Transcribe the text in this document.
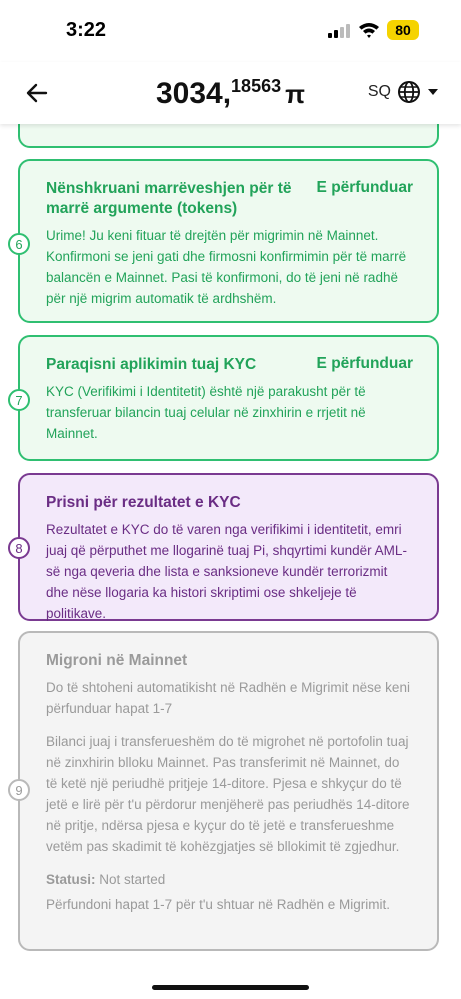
3:22	80
3034,18563 π	SQ
6
Nënshkruani marrëveshjen për të marrë argumente (tokens)
E përfunduar
Urime! Ju keni fituar të drejtën për migrimin në Mainnet. Konfirmoni se jeni gati dhe firmosni konfirmimin për të marrë balancën e Mainnet. Pasi të konfirmoni, do të jeni në radhë për një migrim automatik të ardhshëm.
7
Paraqisni aplikimin tuaj KYC	E përfunduar
KYC (Verifikimi i Identitetit) është një parakusht për të transferuar bilancin tuaj celular në zinxhirin e rrjetit në Mainnet.
8
Prisni për rezultatet e KYC
Rezultatet e KYC do të varen nga verifikimi i identitetit, emri juaj që përputhet me llogarinë tuaj Pi, shqyrtimi kundër AML-së nga qeveria dhe lista e sanksioneve kundër terrorizmit dhe nëse llogaria ka histori skriptimi ose shkeljeje të politikave.
9
Migroni në Mainnet
Do të shtoheni automatikisht në Radhën e Migrimit nëse keni përfunduar hapat 1-7
Bilanci juaj i transferueshëm do të migrohet në portofolin tuaj në zinxhirin blloku Mainnet. Pas transferimit në Mainnet, do të ketë një periudhë pritjeje 14-ditore. Pjesa e shkyçur do të jetë e lirë për t'u përdorur menjëherë pas periudhës 14-ditore në pritje, ndërsa pjesa e kyçur do të jetë e transferueshme vetëm pas skadimit të kohëzgjatjes së bllokimit të zgjedhur.
Statusi: Not started
Përfundoni hapat 1-7 për t'u shtuar në Radhën e Migrimit.
